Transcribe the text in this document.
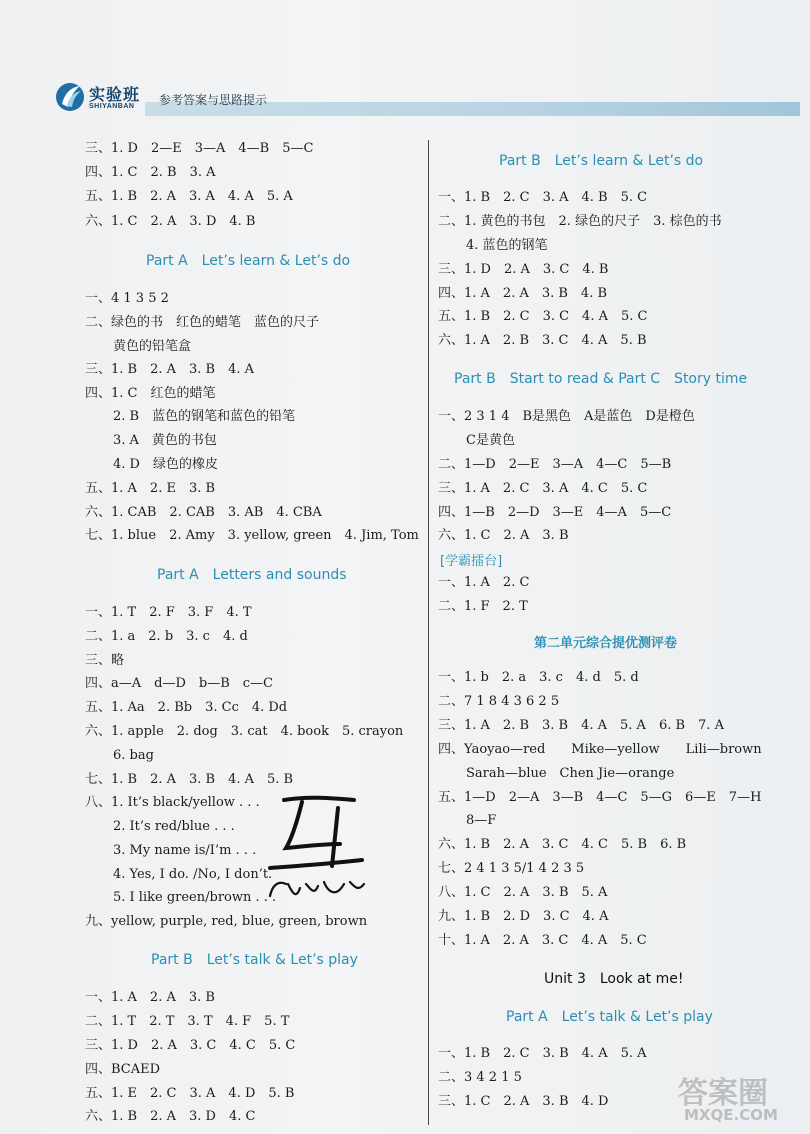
实验班
SHIYANBAN 参考答案与思路提示
三、1. D　2—E　3—A　4—B　5—C
四、1. C　2. B　3. A
五、1. B　2. A　3. A　4. A　5. A
六、1. C　2. A　3. D　4. B
Part A　Let’s learn & Let’s do
一、4 1 3 5 2
二、绿色的书　红色的蜡笔　蓝色的尺子
黄色的铅笔盒
三、1. B　2. A　3. B　4. A
四、1. C　红色的蜡笔
2. B　蓝色的钢笔和蓝色的铅笔
3. A　黄色的书包
4. D　绿色的橡皮
五、1. A　2. E　3. B
六、1. CAB　2. CAB　3. AB　4. CBA
七、1. blue　2. Amy　3. yellow, green　4. Jim, Tom
Part A　Letters and sounds
一、1. T　2. F　3. F　4. T
二、1. a　2. b　3. c　4. d
三、略
四、a—A　d—D　b—B　c—C
五、1. Aa　2. Bb　3. Cc　4. Dd
六、1. apple　2. dog　3. cat　4. book　5. crayon
6. bag
七、1. B　2. A　3. B　4. A　5. B
八、1. It’s black/yellow . . .
2. It’s red/blue . . .
3. My name is/I’m . . .
4. Yes, I do. /No, I don’t.
5. I like green/brown . . .
九、yellow, purple, red, blue, green, brown
Part B　Let’s talk & Let’s play
一、1. A　2. A　3. B
二、1. T　2. T　3. T　4. F　5. T
三、1. D　2. A　3. C　4. C　5. C
四、BCAED
五、1. E　2. C　3. A　4. D　5. B
六、1. B　2. A　3. D　4. C
Part B　Let’s learn & Let’s do
一、1. B　2. C　3. A　4. B　5. C
二、1. 黄色的书包　2. 绿色的尺子　3. 棕色的书
4. 蓝色的钢笔
三、1. D　2. A　3. C　4. B
四、1. A　2. A　3. B　4. B
五、1. B　2. C　3. C　4. A　5. C
六、1. A　2. B　3. C　4. A　5. B
Part B　Start to read & Part C　Story time
一、2 3 1 4　B是黑色　A是蓝色　D是橙色
C是黄色
二、1—D　2—E　3—A　4—C　5—B
三、1. A　2. C　3. A　4. C　5. C
四、1—B　2—D　3—E　4—A　5—C
六、1. C　2. A　3. B
[学霸擂台]
一、1. A　2. C
二、1. F　2. T
第二单元综合提优测评卷
一、1. b　2. a　3. c　4. d　5. d
二、7 1 8 4 3 6 2 5
三、1. A　2. B　3. B　4. A　5. A　6. B　7. A
四、Yaoyao—red　　Mike—yellow　　Lili—brown
Sarah—blue　Chen Jie—orange
五、1—D　2—A　3—B　4—C　5—G　6—E　7—H
8—F
六、1. B　2. A　3. C　4. C　5. B　6. B
七、2 4 1 3 5/1 4 2 3 5
八、1. C　2. A　3. B　5. A
九、1. B　2. D　3. C　4. A
十、1. A　2. A　3. C　4. A　5. C
Unit 3　Look at me!
Part A　Let’s talk & Let’s play
一、1. B　2. C　3. B　4. A　5. A
二、3 4 2 1 5
三、1. C　2. A　3. B　4. D 答案圈
MXQE.COM
